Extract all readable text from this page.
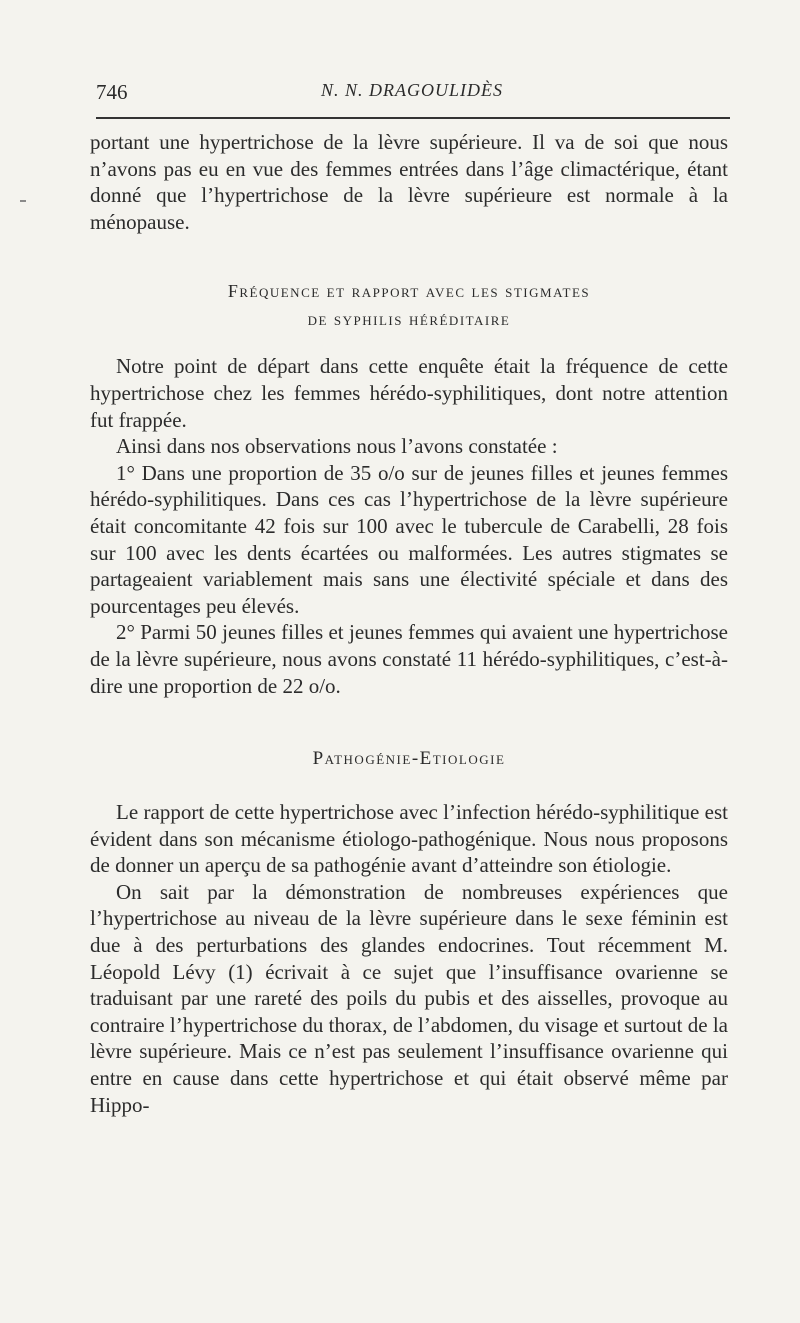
746	N. N. DRAGOULIDÈS

portant une hypertrichose de la lèvre supérieure. Il va de soi que nous n’avons pas eu en vue des femmes entrées dans l’âge climactérique, étant donné que l’hypertrichose de la lèvre supérieure est normale à la ménopause.

Fréquence et rapport avec les stigmates
de syphilis héréditaire

Notre point de départ dans cette enquête était la fréquence de cette hypertrichose chez les femmes hérédo-syphilitiques, dont notre attention fut frappée.

Ainsi dans nos observations nous l’avons constatée :

1° Dans une proportion de 35 o/o sur de jeunes filles et jeunes femmes hérédo-syphilitiques. Dans ces cas l’hypertrichose de la lèvre supérieure était concomitante 42 fois sur 100 avec le tubercule de Carabelli, 28 fois sur 100 avec les dents écartées ou malformées. Les autres stigmates se partageaient variablement mais sans une électivité spéciale et dans des pourcentages peu élevés.

2° Parmi 50 jeunes filles et jeunes femmes qui avaient une hypertrichose de la lèvre supérieure, nous avons constaté 11 hérédo-syphilitiques, c’est-à-dire une proportion de 22 o/o.

Pathogénie-Etiologie

Le rapport de cette hypertrichose avec l’infection hérédo-syphilitique est évident dans son mécanisme étiologo-pathogénique. Nous nous proposons de donner un aperçu de sa pathogénie avant d’atteindre son étiologie.

On sait par la démonstration de nombreuses expériences que l’hypertrichose au niveau de la lèvre supérieure dans le sexe féminin est due à des perturbations des glandes endocrines. Tout récemment M. Léopold Lévy (1) écrivait à ce sujet que l’insuffisance ovarienne se traduisant par une rareté des poils du pubis et des aisselles, provoque au contraire l’hypertrichose du thorax, de l’abdomen, du visage et surtout de la lèvre supérieure. Mais ce n’est pas seulement l’insuffisance ovarienne qui entre en cause dans cette hypertrichose et qui était observé même par Hippo-
